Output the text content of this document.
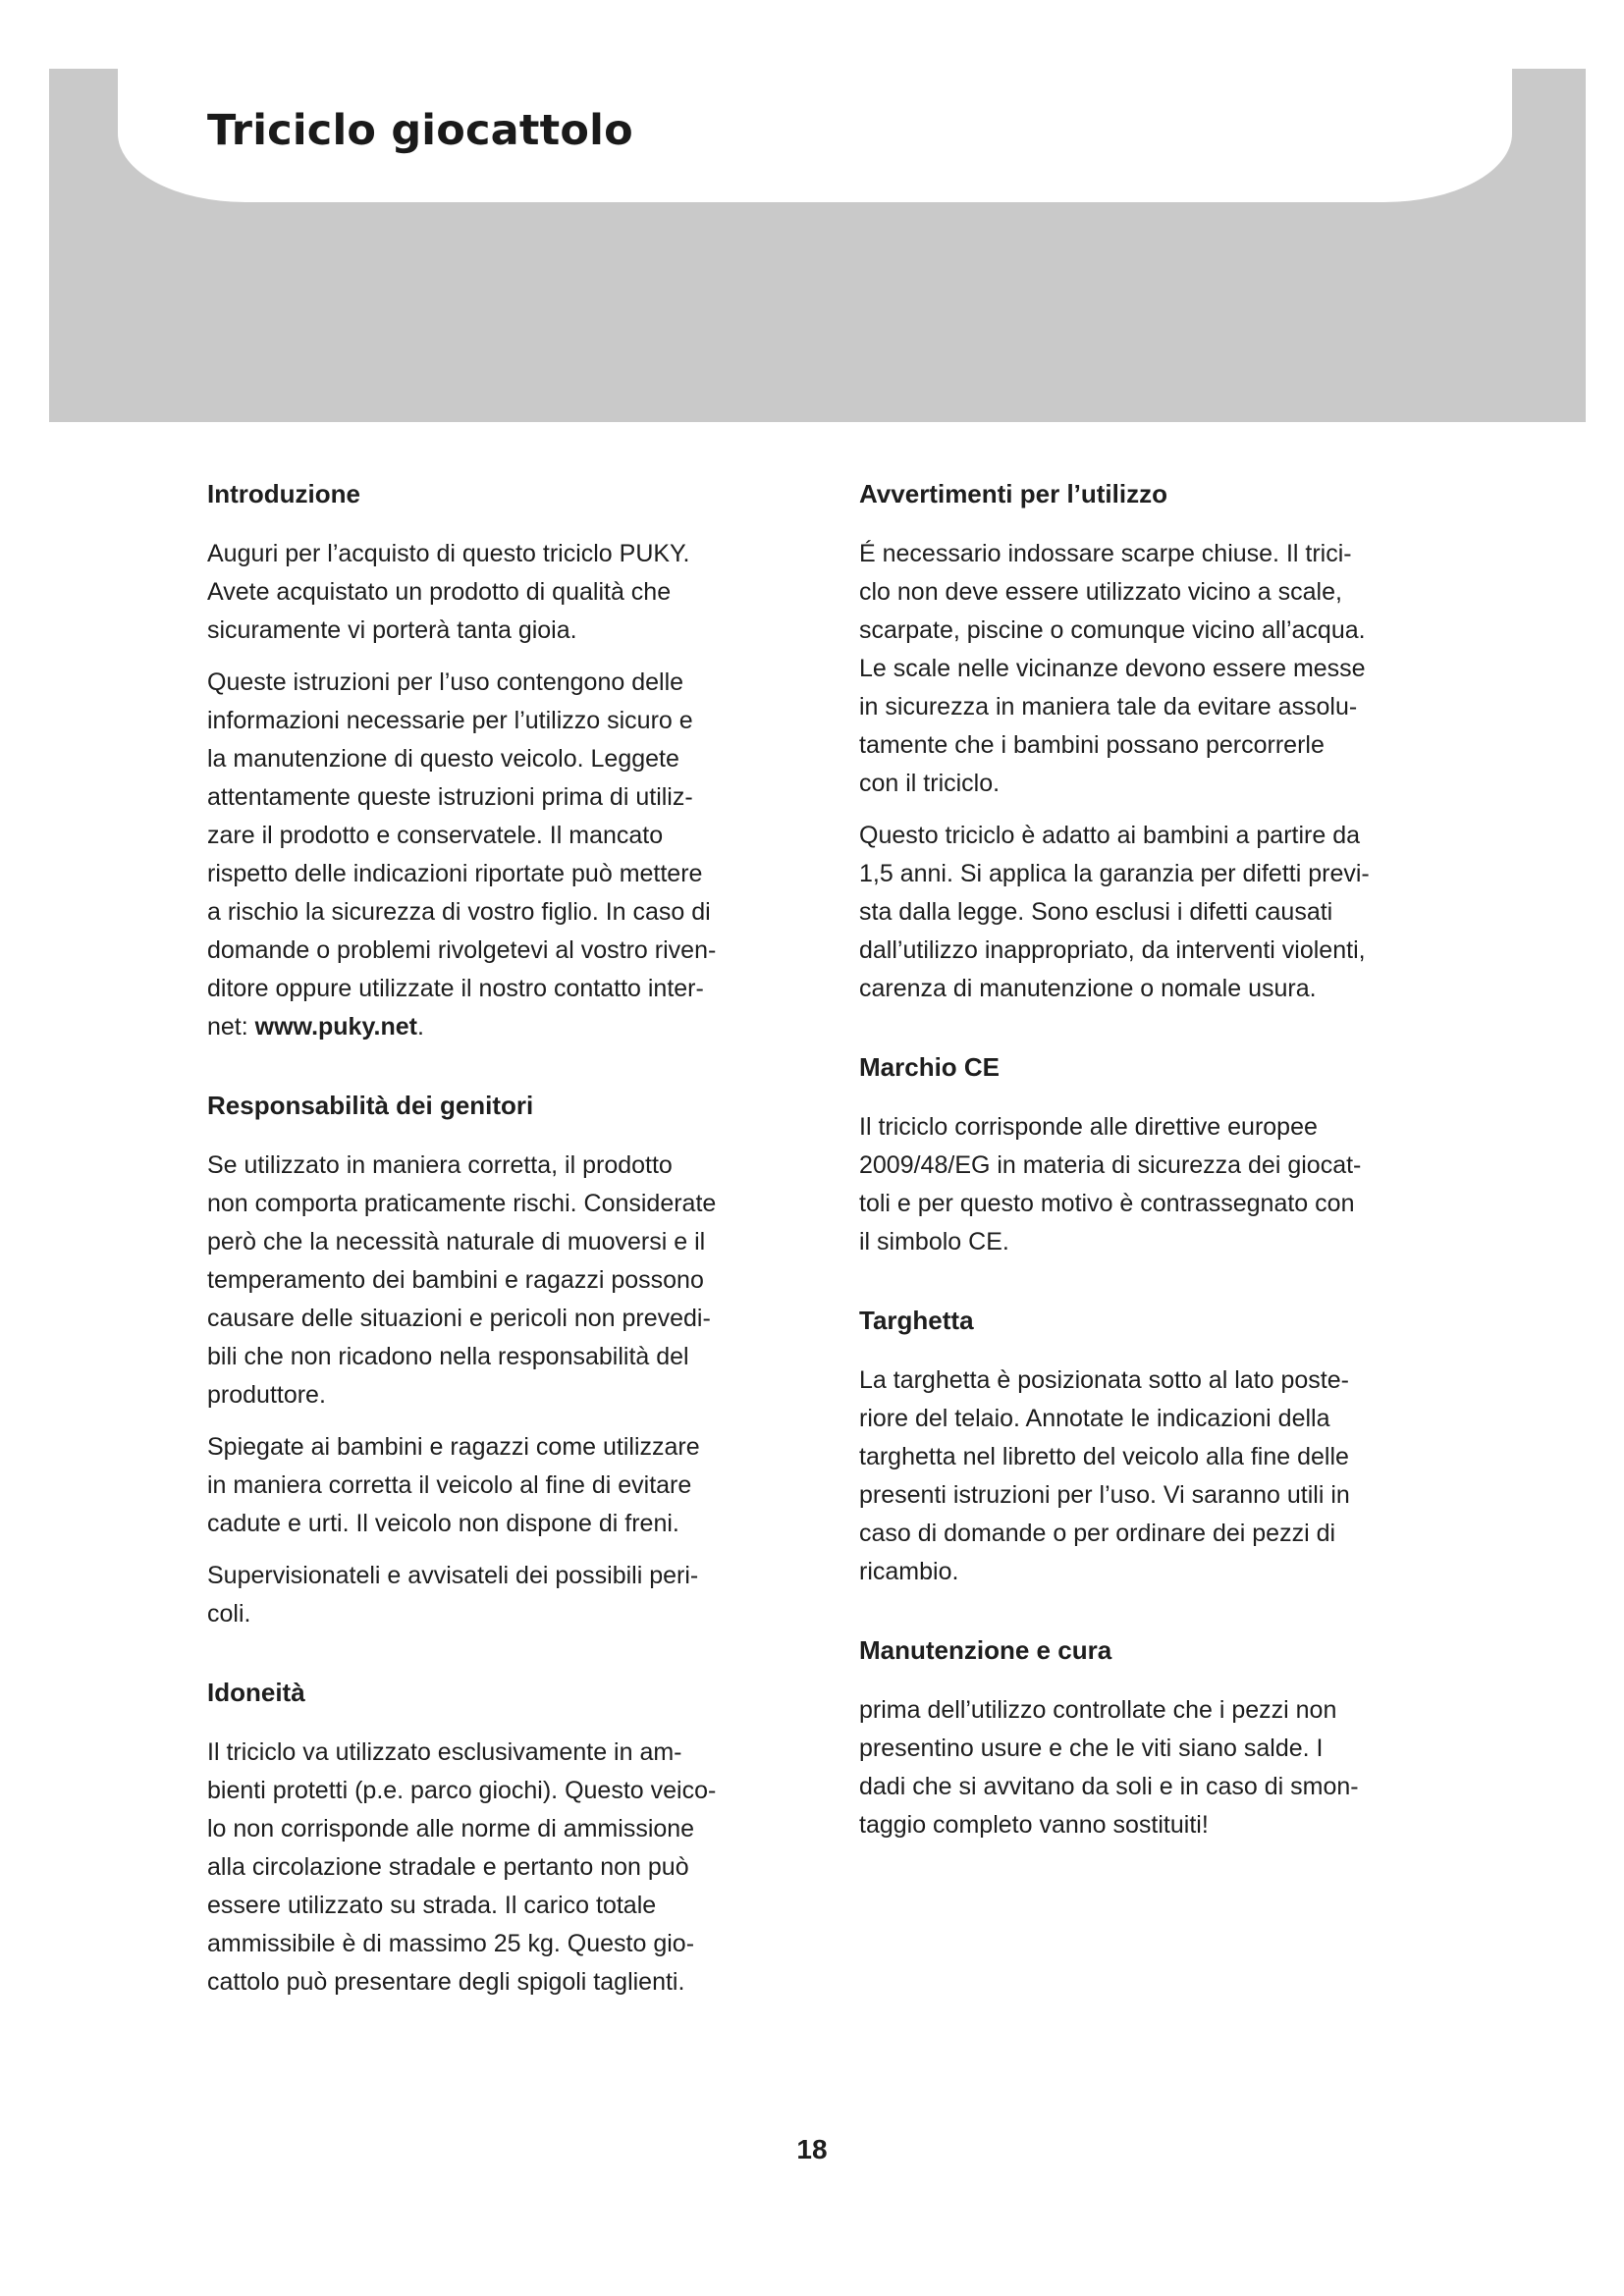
Triciclo giocattolo
Introduzione

Auguri per l’acquisto di questo triciclo PUKY.
Avete acquistato un prodotto di qualità che
sicuramente vi porterà tanta gioia.

Queste istruzioni per l’uso contengono delle
informazioni necessarie per l’utilizzo sicuro e
la manutenzione di questo veicolo. Leggete
attentamente queste istruzioni prima di utiliz-
zare il prodotto e conservatele. Il mancato
rispetto delle indicazioni riportate può mettere
a rischio la sicurezza di vostro figlio. In caso di
domande o problemi rivolgetevi al vostro riven-
ditore oppure utilizzate il nostro contatto inter-
net: www.puky.net.

Responsabilità dei genitori

Se utilizzato in maniera corretta, il prodotto
non comporta praticamente rischi. Considerate
però che la necessità naturale di muoversi e il
temperamento dei bambini e ragazzi possono
causare delle situazioni e pericoli non prevedi-
bili che non ricadono nella responsabilità del
produttore.

Spiegate ai bambini e ragazzi come utilizzare
in maniera corretta il veicolo al fine di evitare
cadute e urti. Il veicolo non dispone di freni.

Supervisionateli e avvisateli dei possibili peri-
coli.

Idoneità

Il triciclo va utilizzato esclusivamente in am-
bienti protetti (p.e. parco giochi). Questo veico-
lo non corrisponde alle norme di ammissione
alla circolazione stradale e pertanto non può
essere utilizzato su strada. Il carico totale
ammissibile è di massimo 25 kg. Questo gio-
cattolo può presentare degli spigoli taglienti.

Avvertimenti per l’utilizzo

É necessario indossare scarpe chiuse. Il trici-
clo non deve essere utilizzato vicino a scale,
scarpate, piscine o comunque vicino all’acqua.
Le scale nelle vicinanze devono essere messe
in sicurezza in maniera tale da evitare assolu-
tamente che i bambini possano percorrerle
con il triciclo.

Questo triciclo è adatto ai bambini a partire da
1,5 anni. Si applica la garanzia per difetti previ-
sta dalla legge. Sono esclusi i difetti causati
dall’utilizzo inappropriato, da interventi violenti,
carenza di manutenzione o nomale usura.

Marchio CE

Il triciclo corrisponde alle direttive europee
2009/48/EG in materia di sicurezza dei giocat-
toli e per questo motivo è contrassegnato con
il simbolo CE.

Targhetta

La targhetta è posizionata sotto al lato poste-
riore del telaio. Annotate le indicazioni della
targhetta nel libretto del veicolo alla fine delle
presenti istruzioni per l’uso. Vi saranno utili in
caso di domande o per ordinare dei pezzi di
ricambio.

Manutenzione e cura

prima dell’utilizzo controllate che i pezzi non
presentino usure e che le viti siano salde. I
dadi che si avvitano da soli e in caso di smon-
taggio completo vanno sostituiti!

18
